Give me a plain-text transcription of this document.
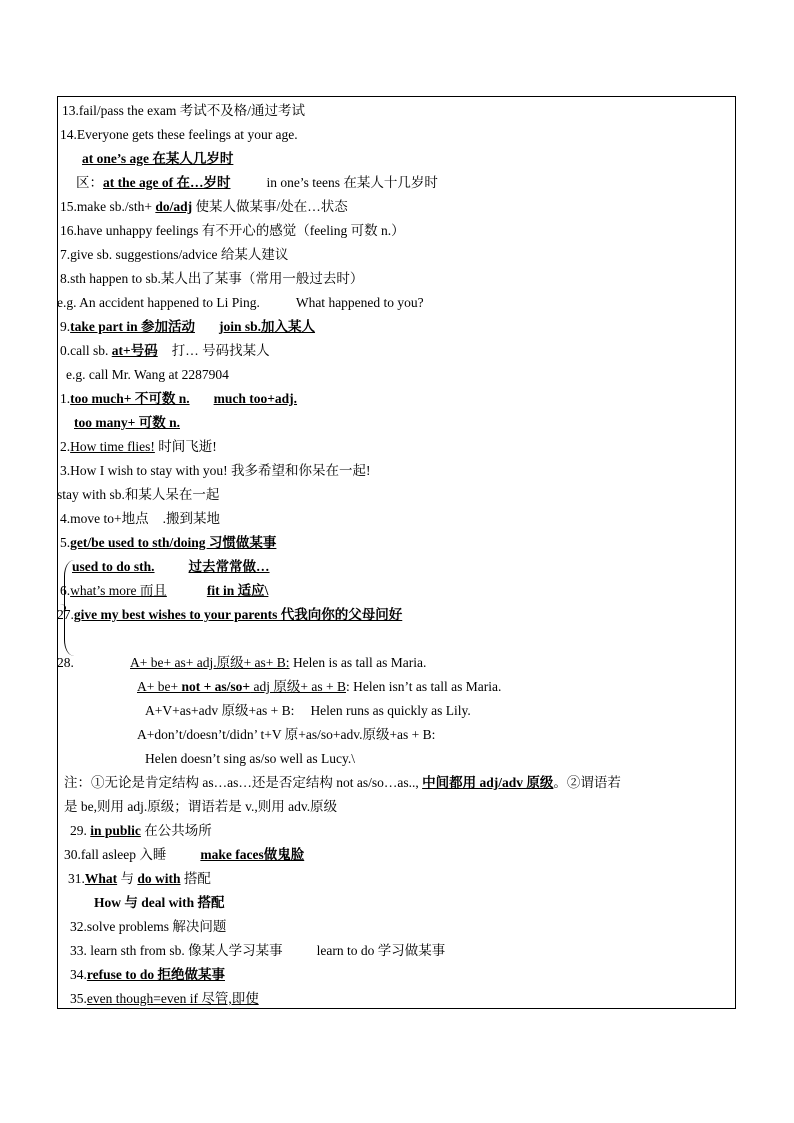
13.fail/pass the exam 考试不及格/通过考试
14.Everyone gets these feelings at your age.
at one’s age 在某人几岁时
区：at the age of 在…岁时	in one’s teens 在某人十几岁时
15.make sb./sth+ do/adj 使某人做某事/处在…状态
16.have unhappy feelings 有不开心的感觉（feeling 可数 n.）
7.give sb. suggestions/advice 给某人建议
8.sth happen to sb.某人出了某事（常用一般过去时）
e.g. An accident happened to Li Ping.	What happened to you?
9.take part in 参加活动 join sb.加入某人
0.call sb. at+号码 打… 号码找某人
e.g. call Mr. Wang at 2287904
1.too much+ 不可数 n. much too+adj.
too many+ 可数 n.
2.How time flies! 时间飞逝!
3.How I wish to stay with you! 我多希望和你呆在一起!
stay with sb.和某人呆在一起
4.move to+地点 .搬到某地
5.get/be used to sth/doing 习惯做某事
used to do sth.	过去常常做…
6.what’s more 而且	fit in 适应\
27.give my best wishes to your parents 代我向你的父母问好
28.	A+ be+ as+ adj.原级+ as+ B: Helen is as tall as Maria.
A+ be+ not + as/so+ adj 原级+ as + B: Helen isn’t as tall as Maria.
A+V+as+adv 原级+as + B: Helen runs as quickly as Lily.
A+don’t/doesn’t/didn’ t+V 原+as/so+adv.原级+as + B:
Helen doesn’t sing as/so well as Lucy.\
注：①无论是肯定结构 as…as…还是否定结构 not as/so…as.., 中间都用 adj/adv 原级。②谓语若
是 be,则用 adj.原级；谓语若是 v.,则用 adv.原级
29. in public 在公共场所
30.fall asleep 入睡	make faces做鬼脸
31.What 与 do with 搭配
How 与 deal with 搭配
32.solve problems 解决问题
33. learn sth from sb. 像某人学习某事	learn to do 学习做某事
34.refuse to do 拒绝做某事
35.even though=even if 尽管,即使
